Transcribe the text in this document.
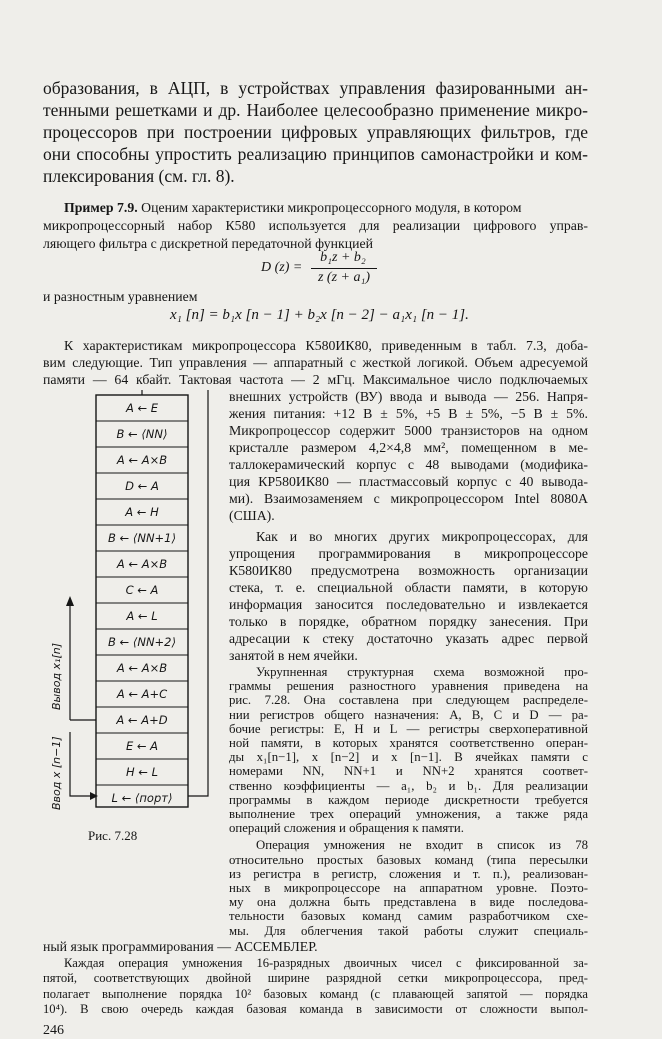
образования, в АЦП, в устройствах управления фазированными ан-

тенными решетками и др. Наиболее целесообразно применение микро-

процессоров при построении цифровых управляющих фильтров, где

они способны упростить реализацию принципов самонастройки и ком-

плексирования (см. гл. 8).

Пример 7.9. Оценим характеристики микропроцессорного модуля, в котором

микропроцессорный набор К580 используется для реализации цифрового управ-

ляющего фильтра с дискретной передаточной функцией

D (z) =
b₁z + b₂
z (z + a₁)

и разностным уравнением

x₁ [n] = b₁x [n − 1] + b₂x [n − 2] − a₁x₁ [n − 1].

К характеристикам микропроцессора К580ИК80, приведенным в табл. 7.3, доба-

вим следующие. Тип управления — аппаратный с жесткой логикой. Объем адресуемой

памяти — 64 кбайт. Тактовая частота — 2 мГц. Максимальное число подключаемых

внешних устройств (ВУ) ввода и вывода — 256. Напря-

жения питания: +12 В ± 5%, +5 В ± 5%, −5 В ± 5%.

Микропроцессор содержит 5000 транзисторов на одном

кристалле размером 4,2×4,8 мм², помещенном в ме-

таллокерамический корпус с 48 выводами (модифика-

ция КР580ИК80 — пластмассовый корпус с 40 вывода-

ми). Взаимозаменяем с микропроцессором Intel 8080А

(США).

Как и во многих других микропроцессорах, для

упрощения программирования в микропроцессоре

К580ИК80 предусмотрена возможность организации

стека, т. е. специальной области памяти, в которую

информация заносится последовательно и извлекается

только в порядке, обратном порядку занесения. При

адресации к стеку достаточно указать адрес первой

занятой в нем ячейки.

Укрупненная структурная схема возможной про-

граммы решения разностного уравнения приведена на

рис. 7.28. Она составлена при следующем распределе-

нии регистров общего назначения: A, B, C и D — ра-

бочие регистры: E, H и L — регистры сверхоперативной

ной памяти, в которых хранятся соответственно операн-

ды x₁[n−1], x [n−2] и x [n−1]. В ячейках памяти с

номерами NN, NN+1 и NN+2 хранятся соответ-

ственно коэффициенты — a₁, b₂ и b₁. Для реализации

программы в каждом периоде дискретности требуется

выполнение трех операций умножения, а также ряда

операций сложения и обращения к памяти.

A ← E
B ← ⟨NN⟩
A ← A×B
D ← A
A ← H
B ← ⟨NN+1⟩
A ← A×B
C ← A
A ← L
B ← ⟨NN+2⟩
A ← A×B
A ← A+C
A ← A+D
E ← A
H ← L
L ← ⟨порт⟩
Вывод x₁[n]
Ввод x [n−1]
Рис. 7.28

Операция умножения не входит в список из 78

ный язык программирования — АССЕМБЛЕР.

Каждая операция умножения 16-разрядных двоичных чисел с фиксированной за-

пятой, соответствующих двойной ширине разрядной сетки микропроцессора, пред-

полагает выполнение порядка 10² базовых команд (с плавающей запятой — порядка

10⁴). В свою очередь каждая базовая команда в зависимости от сложности выпол-

246

относительно простых базовых команд (типа пересылки

из регистра в регистр, сложения и т. п.), реализован-

ных в микропроцессоре на аппаратном уровне. Поэто-

му она должна быть представлена в виде последова-

тельности базовых команд самим разработчиком схе-

мы. Для облегчения такой работы служит специаль-
